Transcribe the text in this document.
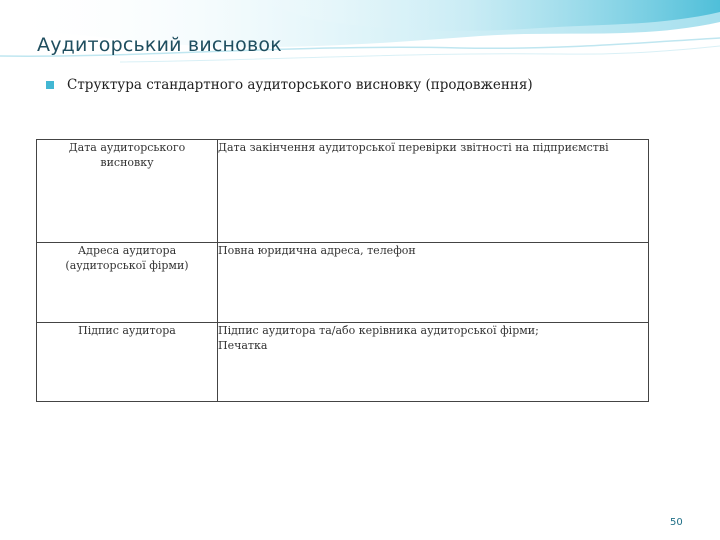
Аудиторський висновок
Структура стандартного аудиторського висновку (продовження)
Дата аудиторського висновку	Дата закінчення аудиторської перевірки звітності на підприємстві

Адреса аудитора (аудиторської фірми)	Повна юридична адреса, телефон

Підпис аудитора	Підпис аудитора та/або керівника аудиторської фірми;
Печатка
50
